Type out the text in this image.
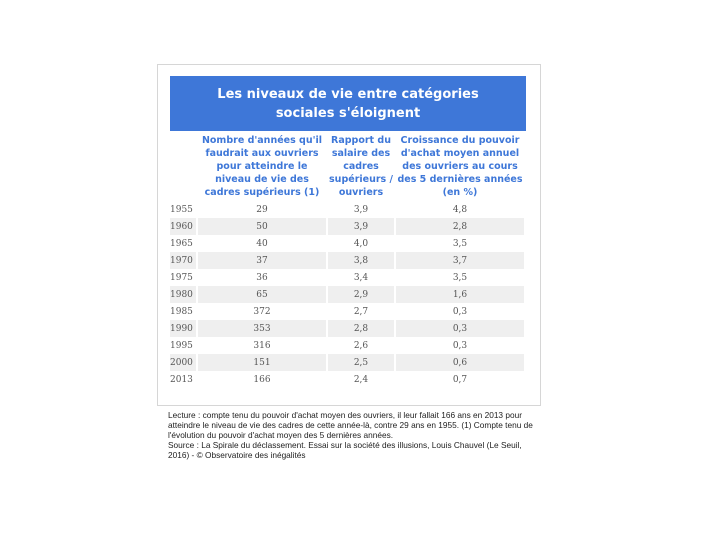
Les niveaux de vie entre catégories sociales s'éloignent
	Nombre d'années qu'il faudrait aux ouvriers pour atteindre le niveau de vie des cadres supérieurs (1)	Rapport du salaire des cadres supérieurs / ouvriers	Croissance du pouvoir d'achat moyen annuel des ouvriers au cours des 5 dernières années (en %)
1955	29	3,9	4,8
1960	50	3,9	2,8
1965	40	4,0	3,5
1970	37	3,8	3,7
1975	36	3,4	3,5
1980	65	2,9	1,6
1985	372	2,7	0,3
1990	353	2,8	0,3
1995	316	2,6	0,3
2000	151	2,5	0,6
2013	166	2,4	0,7
Lecture : compte tenu du pouvoir d'achat moyen des ouvriers, il leur fallait 166 ans en 2013 pour atteindre le niveau de vie des cadres de cette année-là, contre 29 ans en 1955. (1) Compte tenu de l'évolution du pouvoir d'achat moyen des 5 dernières années.
Source : La Spirale du déclassement. Essai sur la société des illusions, Louis Chauvel (Le Seuil, 2016) - © Observatoire des inégalités
